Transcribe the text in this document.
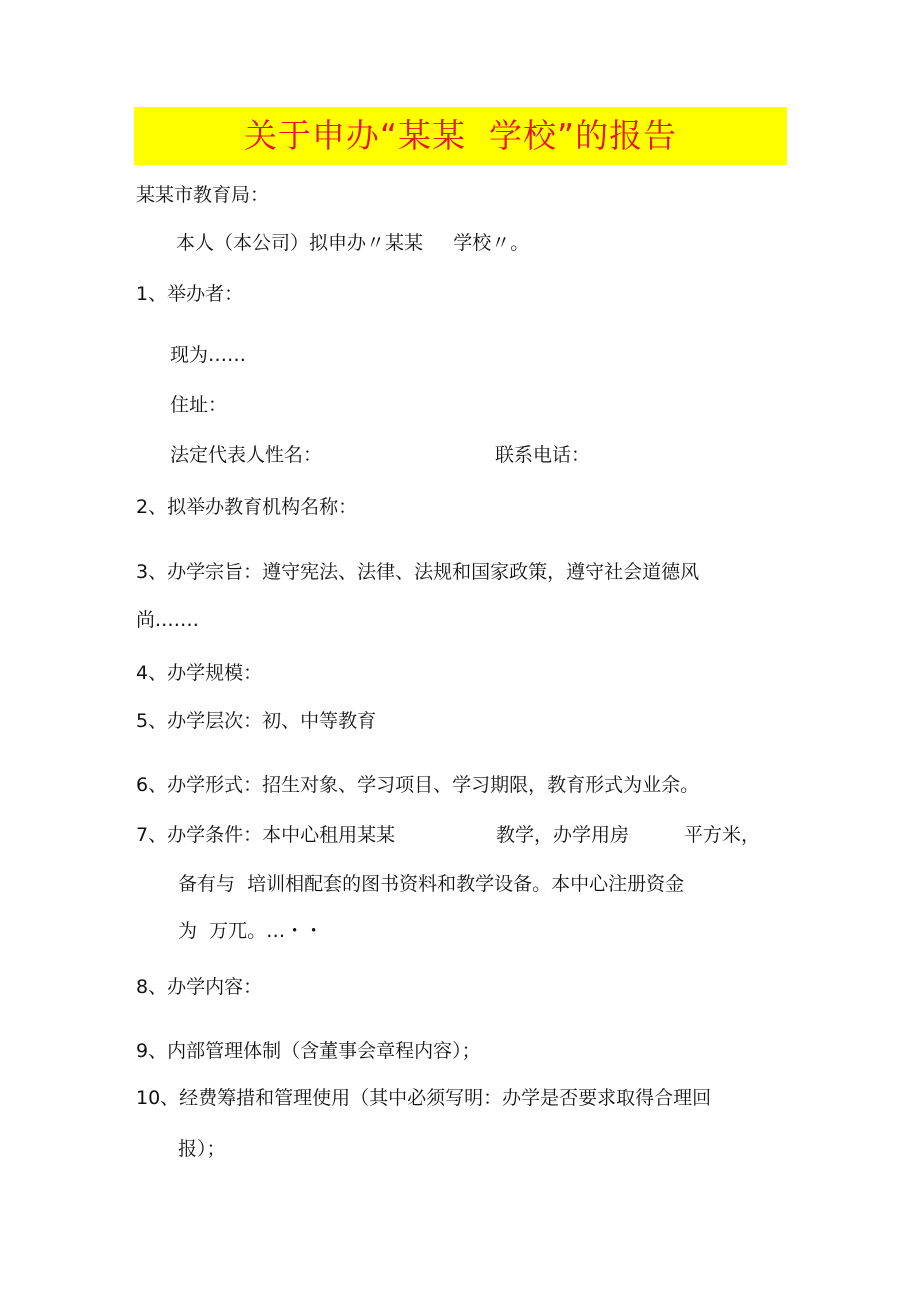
关于申办“某某  学校”的报告

某某市教育局：

本人（本公司）拟申办〃某某     学校〃。

1、举办者：

现为……

住址：

法定代表人性名：	联系电话：

2、拟举办教育机构名称：

3、办学宗旨：遵守宪法、法律、法规和国家政策，遵守社会道德风

尚.……

4、办学规模：

5、办学层次：初、中等教育

6、办学形式：招生对象、学习项目、学习期限，教育形式为业余。

7、办学条件：本中心租用某某	教学，办学用房	平方米，

备有与  培训相配套的图书资料和教学设备。本中心注册资金

为  万兀。…・・

8、办学内容：

9、内部管理体制（含董事会章程内容）；

10、经费筹措和管理使用（其中必须写明：办学是否要求取得合理回

报）；
